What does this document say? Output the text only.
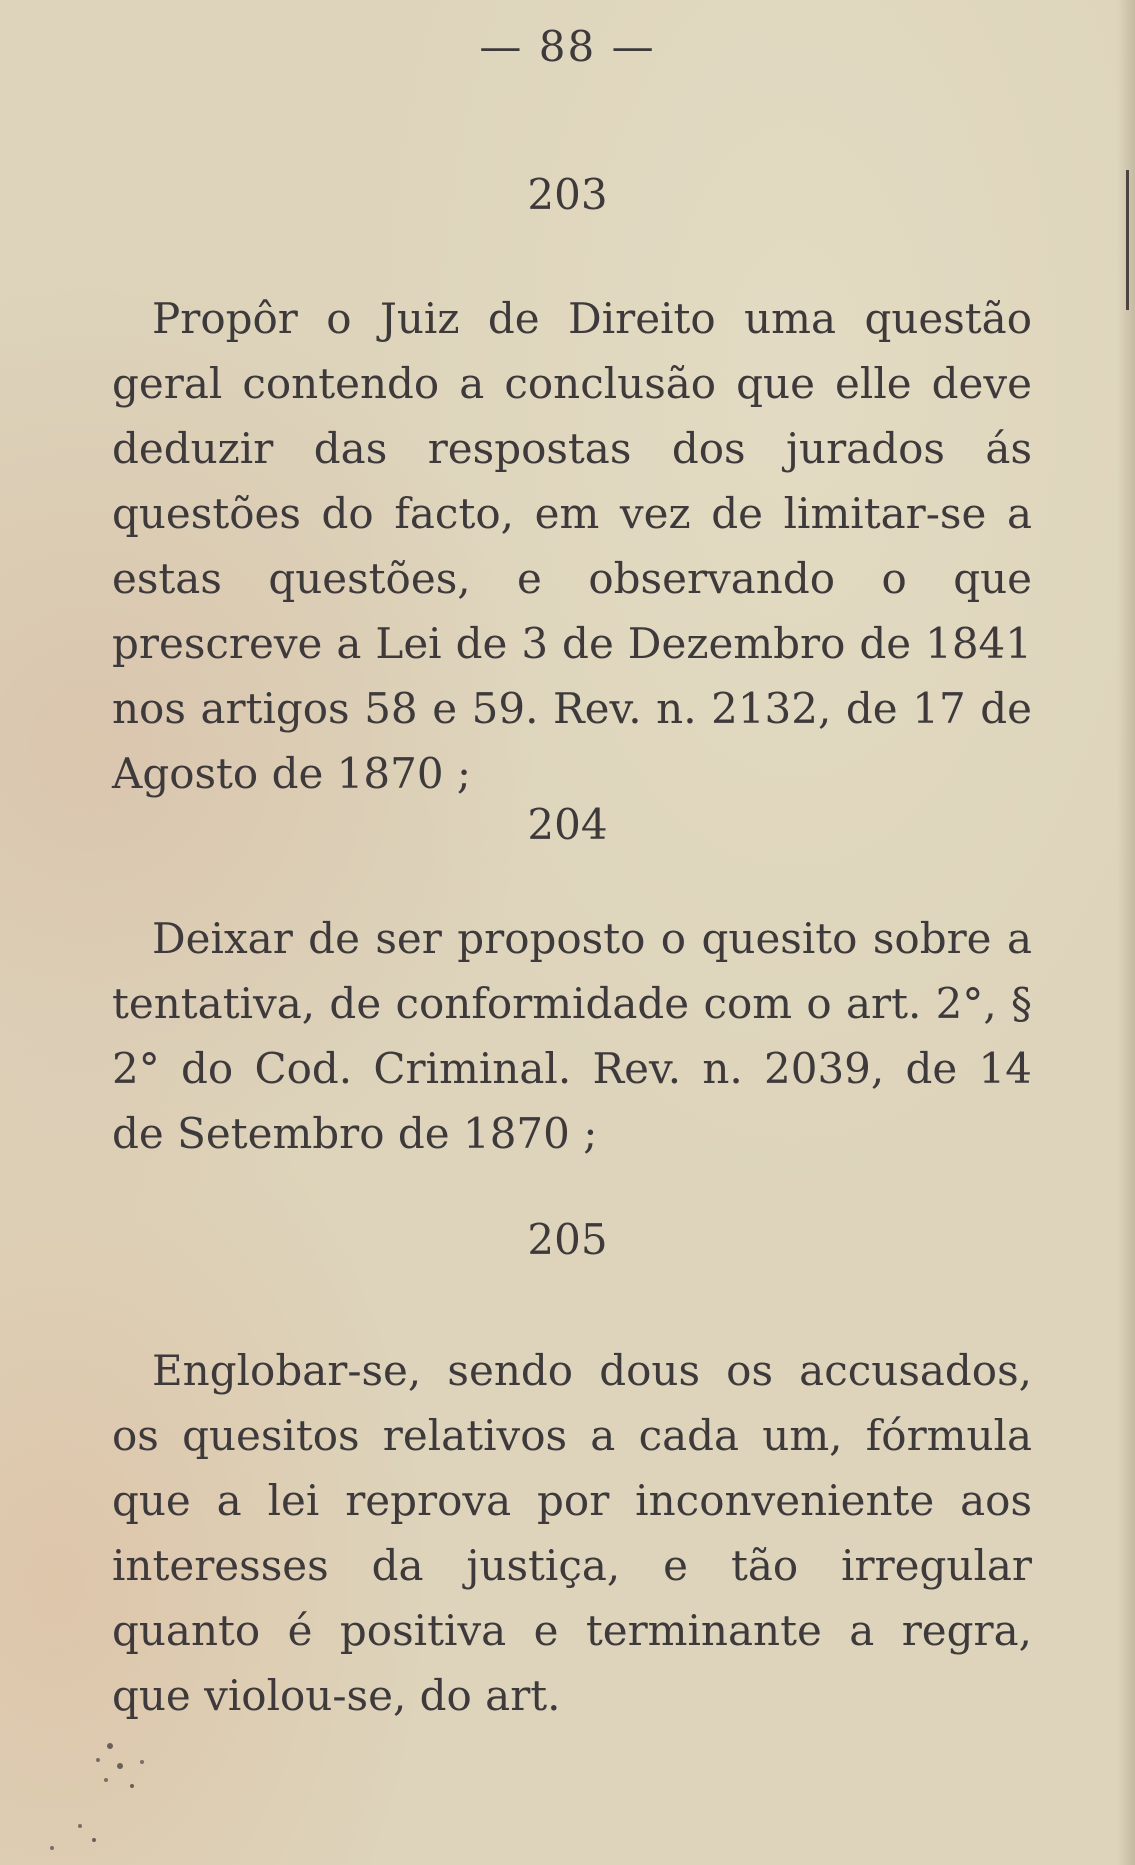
— 88 —
203

Propôr o Juiz de Direito uma questão geral contendo a conclusão que elle deve deduzir das respostas dos jurados ás questões do facto, em vez de limitar-se a estas questões, e observando o que prescreve a Lei de 3 de Dezembro de 1841 nos artigos 58 e 59. Rev. n. 2132, de 17 de Agosto de 1870 ;

204

Deixar de ser proposto o quesito sobre a tentativa, de conformidade com o art. 2°, § 2° do Cod. Criminal. Rev. n. 2039, de 14 de Setembro de 1870 ;

205

Englobar-se, sendo dous os accusados, os quesitos relativos a cada um, fórmula que a lei reprova por inconveniente aos interesses da justiça, e tão irregular quanto é positiva e terminante a regra, que violou-se, do art.
